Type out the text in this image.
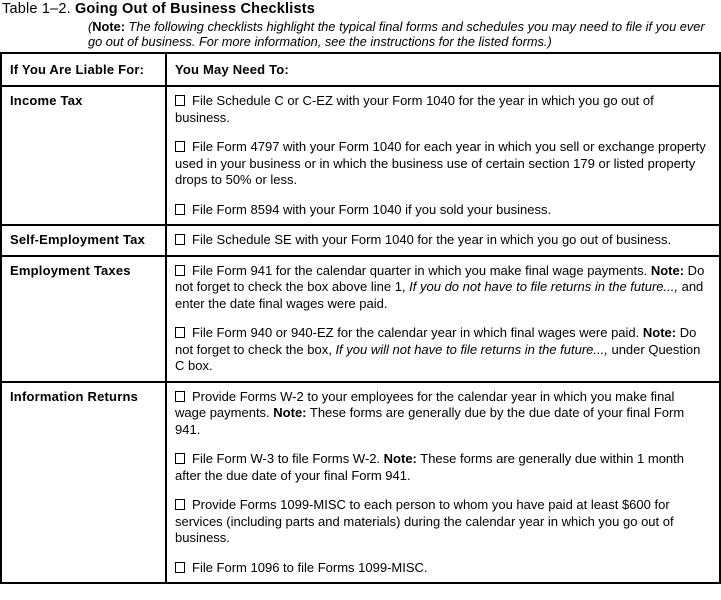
Table 1–2. Going Out of Business Checklists
(Note: The following checklists highlight the typical final forms and schedules you may need to file if you ever go out of business. For more information, see the instructions for the listed forms.)
If You Are Liable For:	You May Need To:
Income Tax	File Schedule C or C-EZ with your Form 1040 for the year in which you go out of business.
File Form 4797 with your Form 1040 for each year in which you sell or exchange property used in your business or in which the business use of certain section 179 or listed property drops to 50% or less.
File Form 8594 with your Form 1040 if you sold your business.

Self-Employment Tax	File Schedule SE with your Form 1040 for the year in which you go out of business.

Employment Taxes	File Form 941 for the calendar quarter in which you make final wage payments. Note: Do not forget to check the box above line 1, If you do not have to file returns in the future..., and enter the date final wages were paid.
File Form 940 or 940-EZ for the calendar year in which final wages were paid. Note: Do not forget to check the box, If you will not have to file returns in the future..., under Question C box.

Information Returns	Provide Forms W-2 to your employees for the calendar year in which you make final wage payments. Note: These forms are generally due by the due date of your final Form 941.
File Form W-3 to file Forms W-2. Note: These forms are generally due within 1 month after the due date of your final Form 941.
Provide Forms 1099-MISC to each person to whom you have paid at least $600 for services (including parts and materials) during the calendar year in which you go out of business.
File Form 1096 to file Forms 1099-MISC.
